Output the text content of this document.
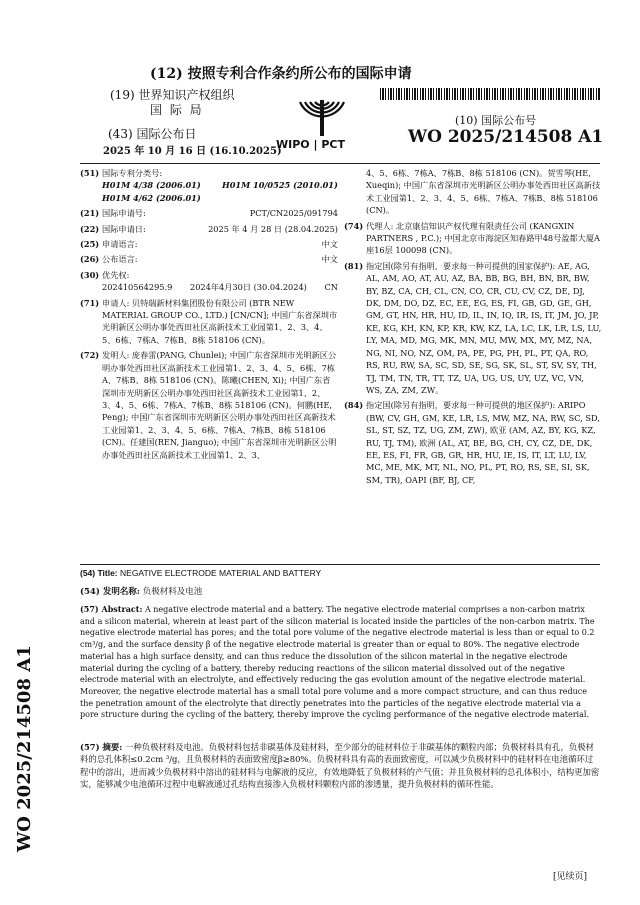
(12) 按照专利合作条约所公布的国际申请
(19) 世界知识产权组织
国 际 局
(43) 国际公布日
2025 年 10 月 16 日 (16.10.2025)
WIPO | PCT
(10) 国际公布号
WO 2025/214508 A1
(51) 国际专利分类号:
H01M 4/38 (2006.01)	H01M 10/0525 (2010.01)
H01M 4/62 (2006.01)
(21) 国际申请号:	PCT/CN2025/091794
(22) 国际申请日:	2025 年 4 月 28 日 (28.04.2025)
(25) 申请语言:	中文
(26) 公布语言:	中文
(30) 优先权:
202410564295.9 2024年4月30日 (30.04.2024) CN
(71) 申请人: 贝特瑞新材料集团股份有限公司 (BTR NEW MATERIAL GROUP CO., LTD.) [CN/CN]; 中国广东省深圳市光明新区公明办事处西田社区高新技术工业园第1、2、3、4、5、6栋、7栋A、7栋B、8栋 518106 (CN)。
(72) 发明人: 庞春雷(PANG, Chunlei); 中国广东省深圳市光明新区公明办事处西田社区高新技术工业园第1、2、3、4、5、6栋、7栋A、7栋B、8栋 518106 (CN)。陈曦(CHEN, Xi); 中国广东省深圳市光明新区公明办事处西田社区高新技术工业园第1、2、3、4、5、6栋、7栋A、7栋B、8栋 518106 (CN)。何鹏(HE, Peng); 中国广东省深圳市光明新区公明办事处西田社区高新技术工业园第1、2、3、4、5、6栋、7栋A、7栋B、8栋 518106 (CN)。任建国(REN, Jianguo); 中国广东省深圳市光明新区公明办事处西田社区高新技术工业园第1、2、3、
4、5、6栋、7栋A、7栋B、8栋 518106 (CN)。贺雪琴(HE, Xueqin); 中国广东省深圳市光明新区公明办事处西田社区高新技术工业园第1、2、3、4、5、6栋、7栋A、7栋B、8栋 518106 (CN)。
(74) 代理人: 北京康信知识产权代理有限责任公司 (KANGXIN PARTNERS , P.C.); 中国北京市海淀区知春路甲48号盈都大厦A座16层 100098 (CN)。
(81) 指定国(除另有指明，要求每一种可提供的国家保护): AE, AG, AL, AM, AO, AT, AU, AZ, BA, BB, BG, BH, BN, BR, BW, BY, BZ, CA, CH, CL, CN, CO, CR, CU, CV, CZ, DE, DJ, DK, DM, DO, DZ, EC, EE, EG, ES, FI, GB, GD, GE, GH, GM, GT, HN, HR, HU, ID, IL, IN, IQ, IR, IS, IT, JM, JO, JP, KE, KG, KH, KN, KP, KR, KW, KZ, LA, LC, LK, LR, LS, LU, LY, MA, MD, MG, MK, MN, MU, MW, MX, MY, MZ, NA, NG, NI, NO, NZ, OM, PA, PE, PG, PH, PL, PT, QA, RO, RS, RU, RW, SA, SC, SD, SE, SG, SK, SL, ST, SV, SY, TH, TJ, TM, TN, TR, TT, TZ, UA, UG, US, UY, UZ, VC, VN, WS, ZA, ZM, ZW。
(84) 指定国(除另有指明，要求每一种可提供的地区保护): ARIPO (BW, CV, GH, GM, KE, LR, LS, MW, MZ, NA, RW, SC, SD, SL, ST, SZ, TZ, UG, ZM, ZW), 欧亚 (AM, AZ, BY, KG, KZ, RU, TJ, TM), 欧洲 (AL, AT, BE, BG, CH, CY, CZ, DE, DK, EE, ES, FI, FR, GB, GR, HR, HU, IE, IS, IT, LT, LU, LV, MC, ME, MK, MT, NL, NO, PL, PT, RO, RS, SE, SI, SK, SM, TR), OAPI (BF, BJ, CF,
(54) Title: NEGATIVE ELECTRODE MATERIAL AND BATTERY
(54) 发明名称: 负极材料及电池
(57) Abstract: A negative electrode material and a battery. The negative electrode material comprises a non-carbon matrix and a silicon material, wherein at least part of the silicon material is located inside the particles of the non-carbon matrix. The negative electrode material has pores; and the total pore volume of the negative electrode material is less than or equal to 0.2 cm³/g, and the surface density β of the negative electrode material is greater than or equal to 80%. The negative electrode material has a high surface density, and can thus reduce the dissolution of the silicon material in the negative electrode material during the cycling of a battery, thereby reducing reactions of the silicon material dissolved out of the negative electrode material with an electrolyte, and effectively reducing the gas evolution amount of the negative electrode material. Moreover, the negative electrode material has a small total pore volume and a more compact structure, and can thus reduce the penetration amount of the electrolyte that directly penetrates into the particles of the negative electrode material via a pore structure during the cycling of the battery, thereby improve the cycling performance of the negative electrode material.
(57) 摘要: 一种负极材料及电池。负极材料包括非碳基体及硅材料，至少部分的硅材料位于非碳基体的颗粒内部；负极材料具有孔，负极材料的总孔体积≤0.2cm ³/g，且负极材料的表面致密度β≥80%。负极材料具有高的表面致密度，可以减少负极材料中的硅材料在电池循环过程中的溶出，进而减少负极材料中溶出的硅材料与电解液的反应，有效地降低了负极材料的产气值；并且负极材料的总孔体积小，结构更加密实，能够减少电池循环过程中电解液通过孔结构直接渗入负极材料颗粒内部的渗透量，提升负极材料的循环性能。
WO 2025/214508 A1
[见续页]
